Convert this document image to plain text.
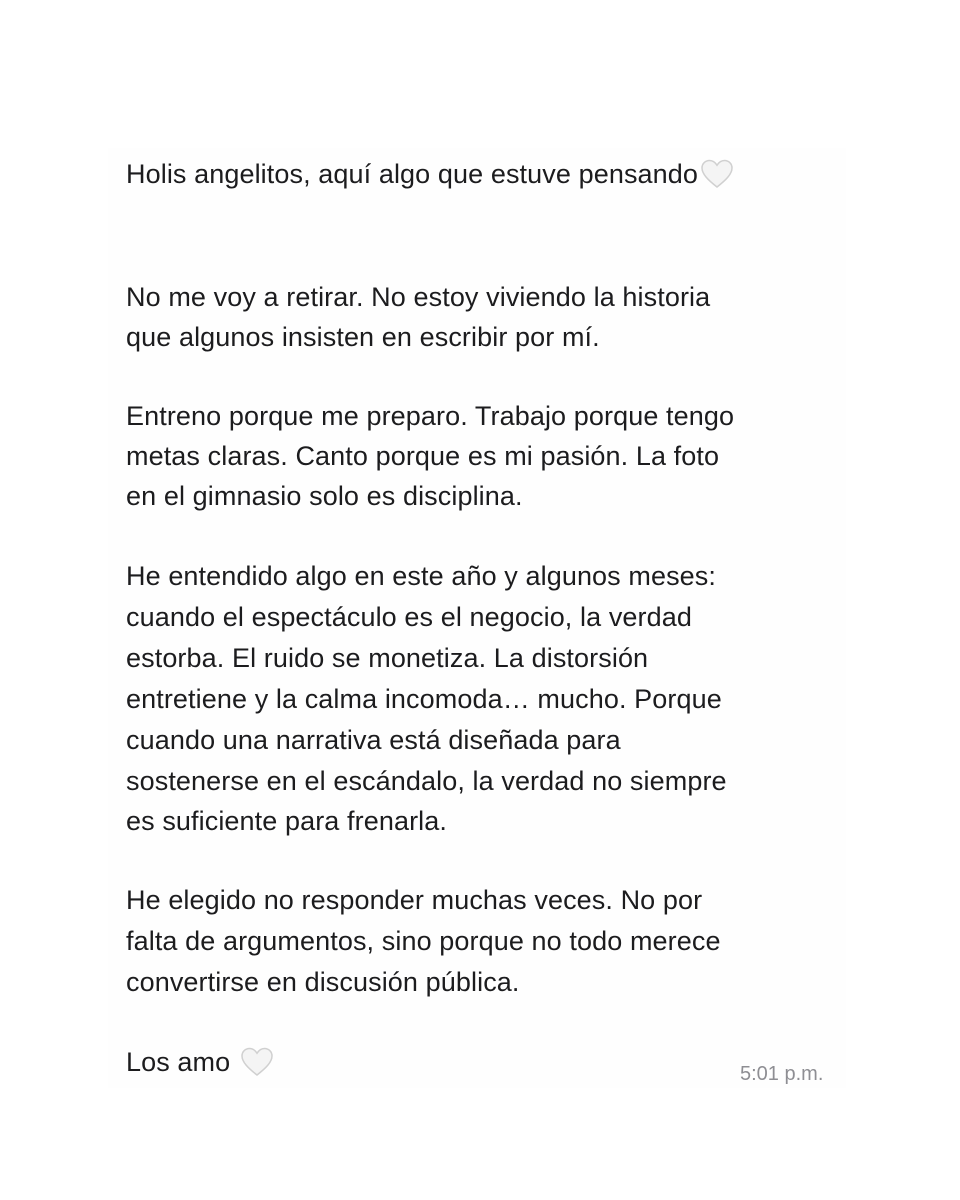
Holis angelitos, aquí algo que estuve pensando
No me voy a retirar. No estoy viviendo la historia
que algunos insisten en escribir por mí.
Entreno porque me preparo. Trabajo porque tengo
metas claras. Canto porque es mi pasión. La foto
en el gimnasio solo es disciplina.
He entendido algo en este año y algunos meses:
cuando el espectáculo es el negocio, la verdad
estorba. El ruido se monetiza. La distorsión
entretiene y la calma incomoda… mucho. Porque
cuando una narrativa está diseñada para
sostenerse en el escándalo, la verdad no siempre
es suficiente para frenarla.
He elegido no responder muchas veces. No por
falta de argumentos, sino porque no todo merece
convertirse en discusión pública.
Los amo	5:01 p.m.
